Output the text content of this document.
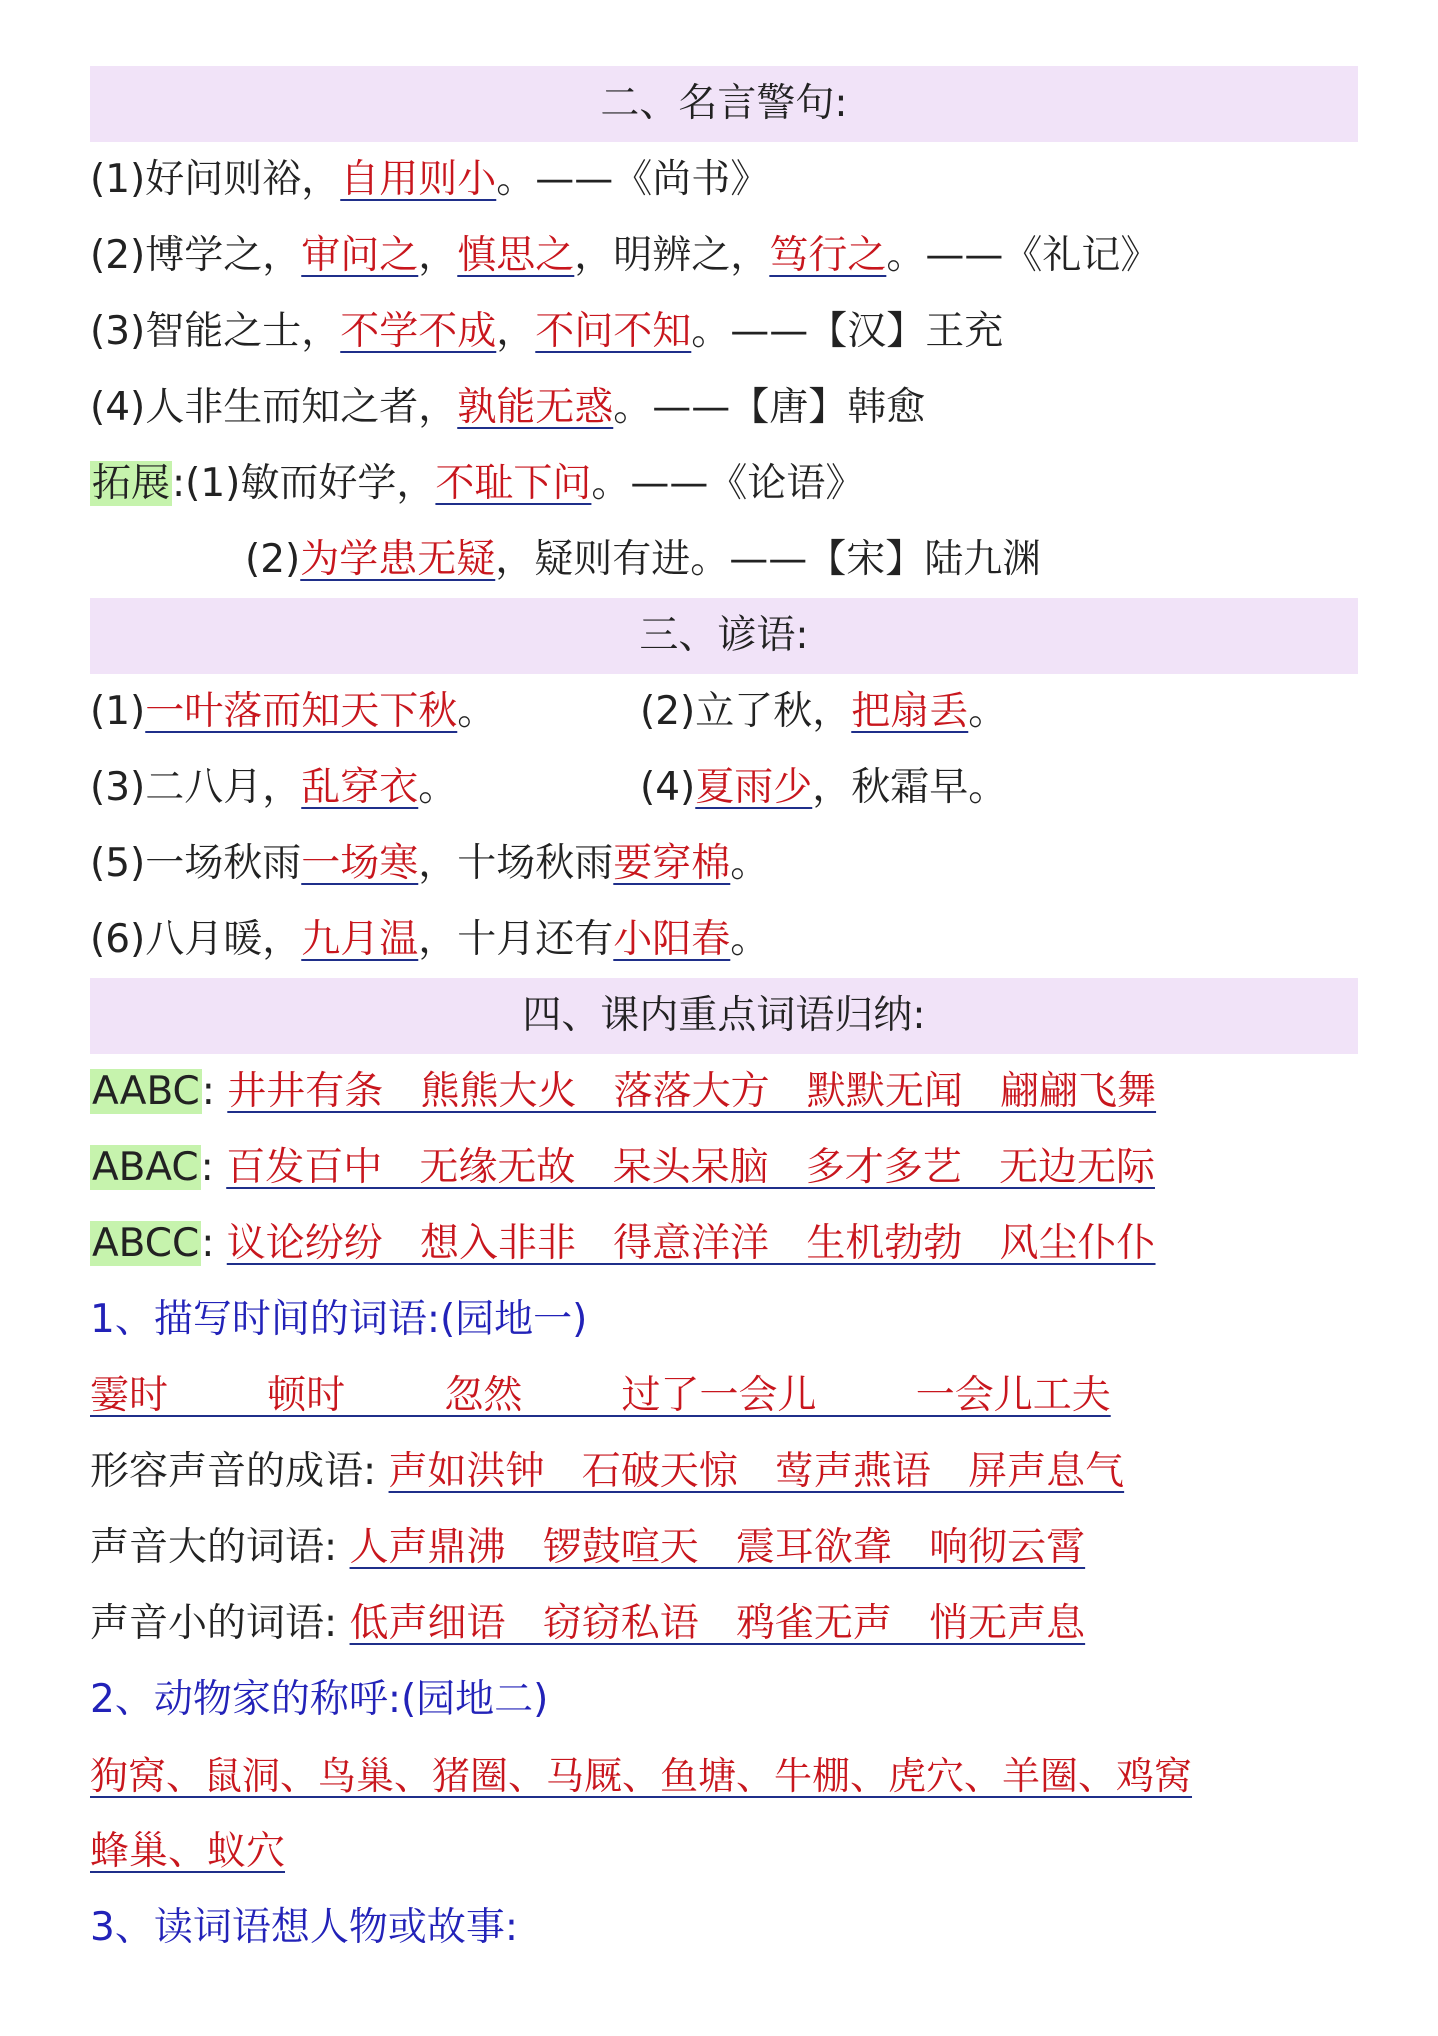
二、名言警句:
(1)好问则裕，自用则小。——《尚书》
(2)博学之，审问之，慎思之，明辨之，笃行之。——《礼记》
(3)智能之士，不学不成，不问不知。——【汉】王充
(4)人非生而知之者，孰能无惑。——【唐】韩愈
拓展:(1)敏而好学，不耻下问。——《论语》
(2)为学患无疑，疑则有进。——【宋】陆九渊
三、谚语:
(1)一叶落而知天下秋。	(2)立了秋，把扇丢。
(3)二八月，乱穿衣。	(4)夏雨少，秋霜早。
(5)一场秋雨一场寒，十场秋雨要穿棉。
(6)八月暖，九月温，十月还有小阳春。
四、课内重点词语归纳:
AABC: 井井有条   熊熊大火   落落大方   默默无闻   翩翩飞舞
ABAC: 百发百中   无缘无故   呆头呆脑   多才多艺   无边无际
ABCC: 议论纷纷   想入非非   得意洋洋   生机勃勃   风尘仆仆
1、描写时间的词语:(园地一)
霎时        顿时        忽然        过了一会儿        一会儿工夫
形容声音的成语: 声如洪钟   石破天惊   莺声燕语   屏声息气
声音大的词语: 人声鼎沸   锣鼓喧天   震耳欲聋   响彻云霄
声音小的词语: 低声细语   窃窃私语   鸦雀无声   悄无声息
2、动物家的称呼:(园地二)
狗窝、鼠洞、鸟巢、猪圈、马厩、鱼塘、牛棚、虎穴、羊圈、鸡窝
蜂巢、蚁穴
3、读词语想人物或故事:
